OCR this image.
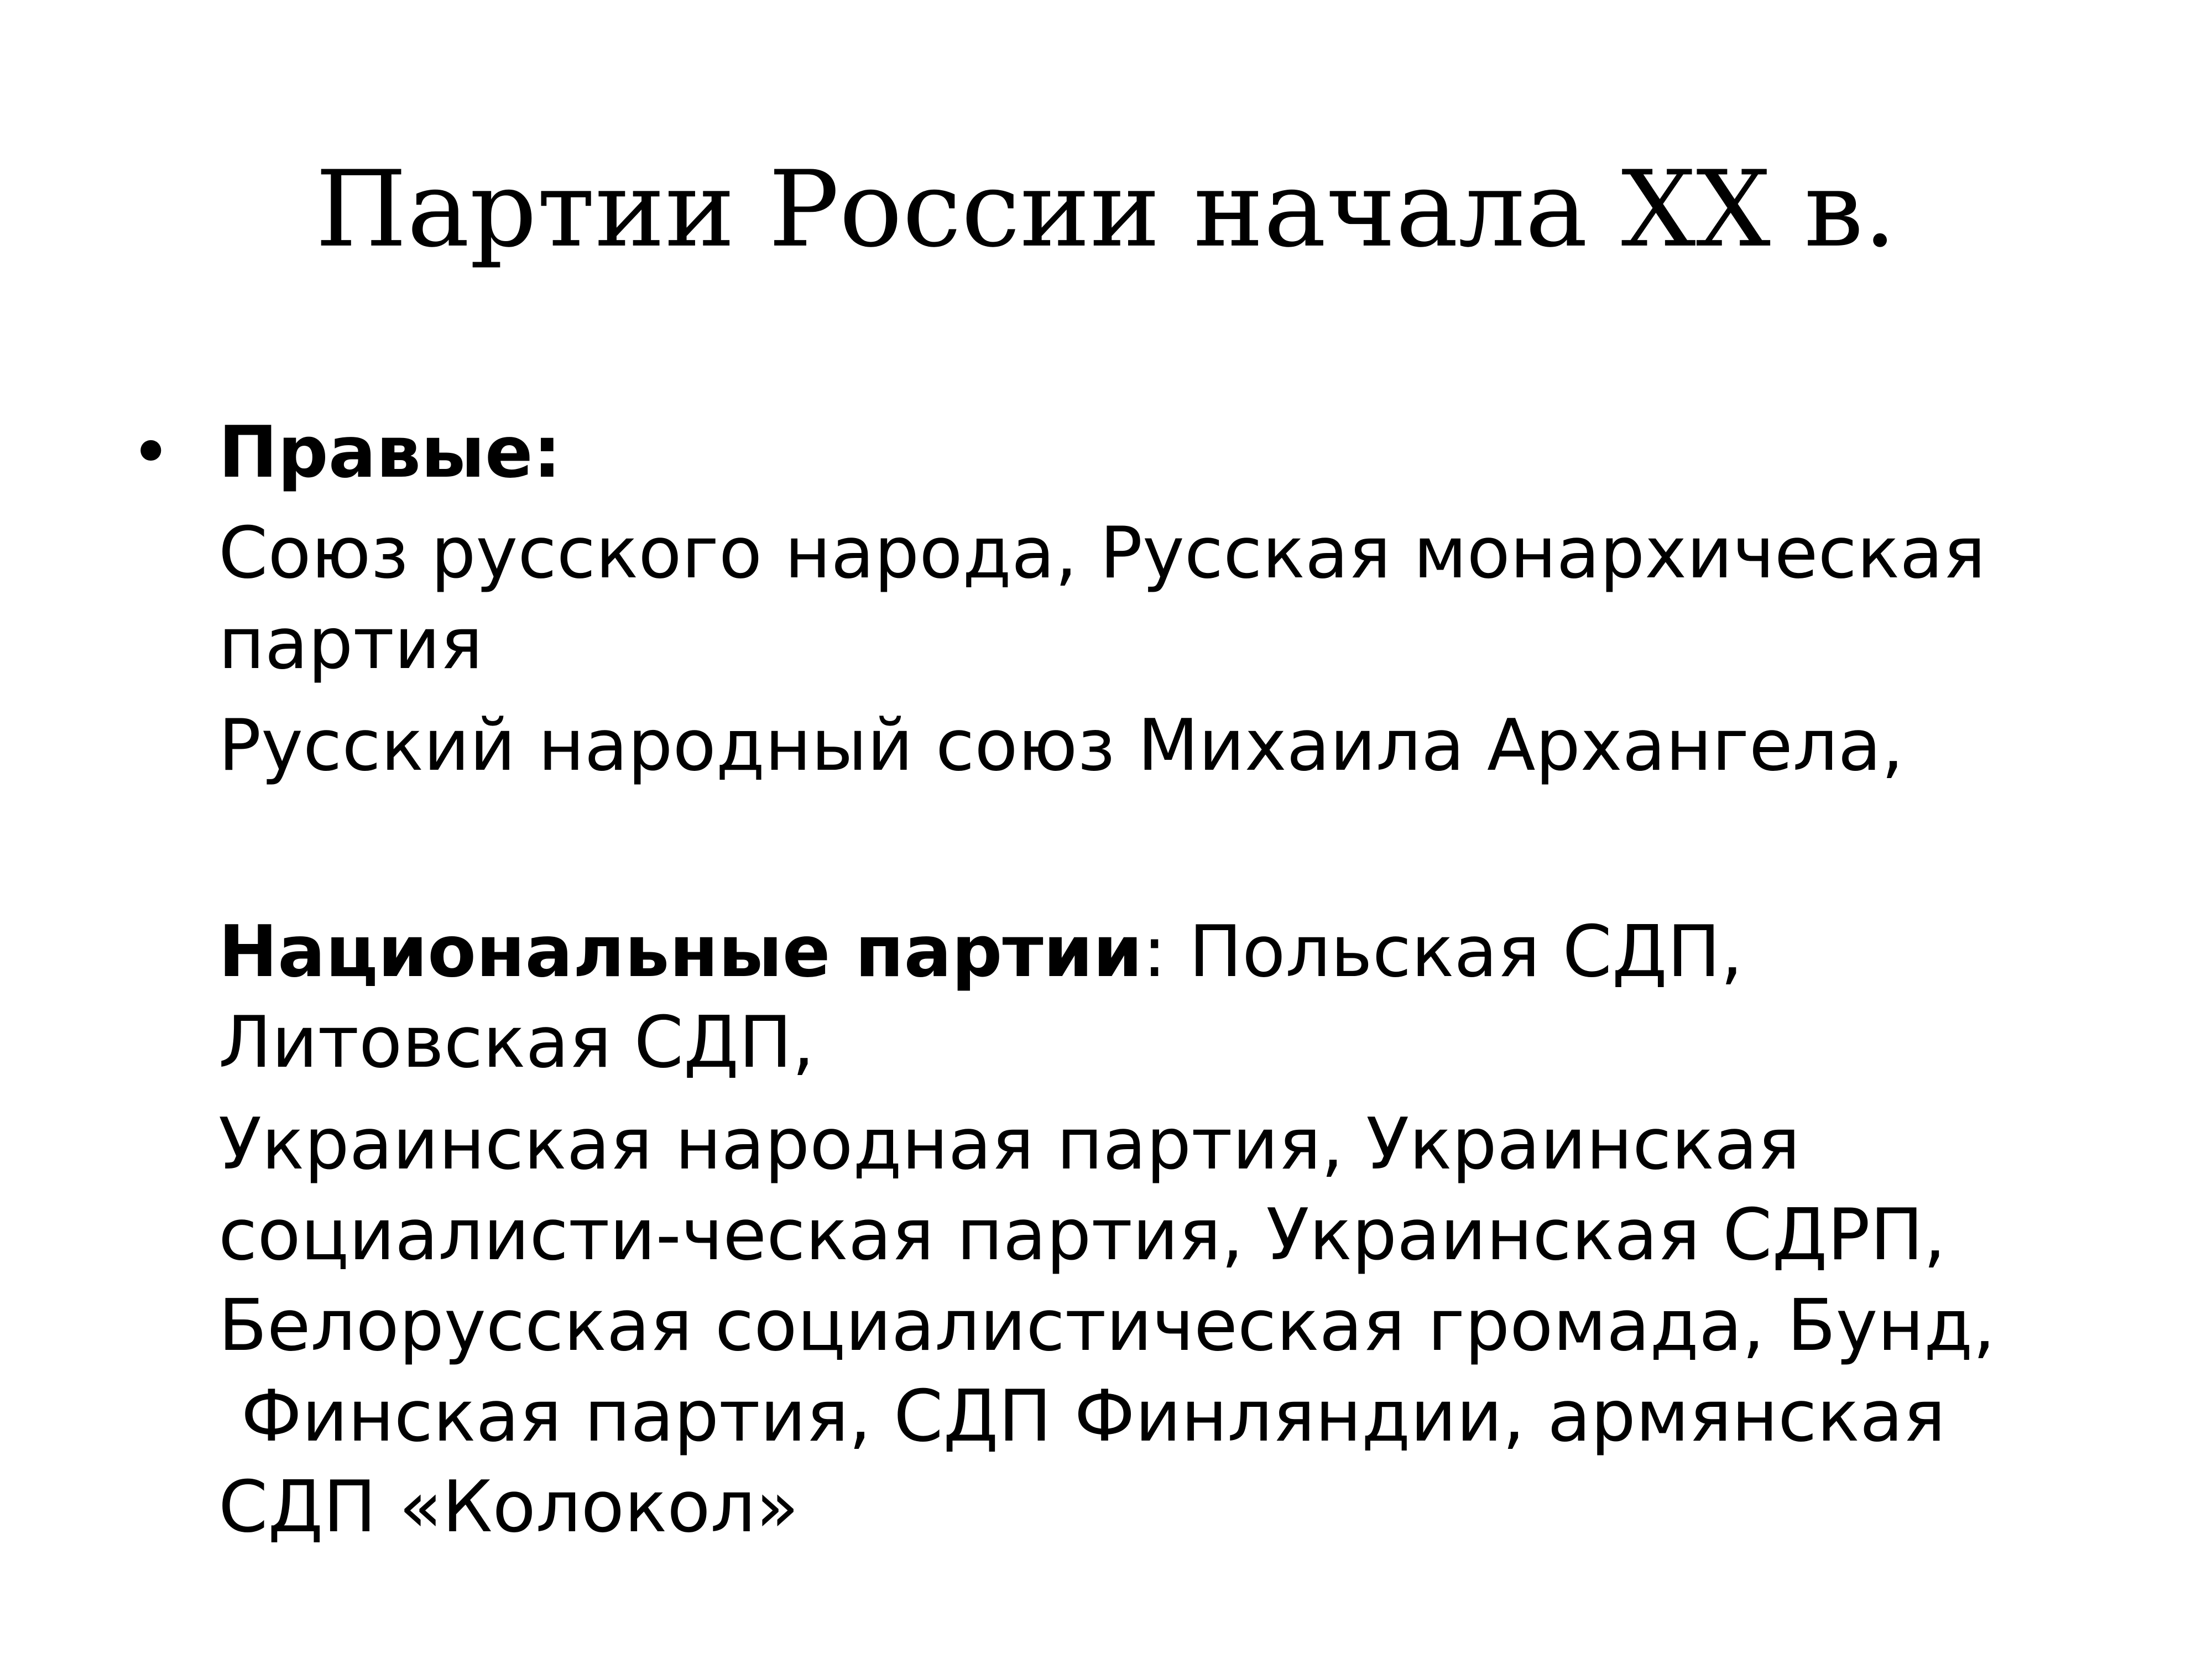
Партии России начала XX в.
• Правые:
Союз русского народа, Русская монархическая
партия
Русский народный союз Михаила Архангела,
Национальные партии: Польская СДП,
Литовская СДП,
Украинская народная партия, Украинская
социалисти-ческая партия, Украинская СДРП,
Белорусская социалистическая громада, Бунд,
Финская партия, СДП Финляндии, армянская
СДП «Колокол»
